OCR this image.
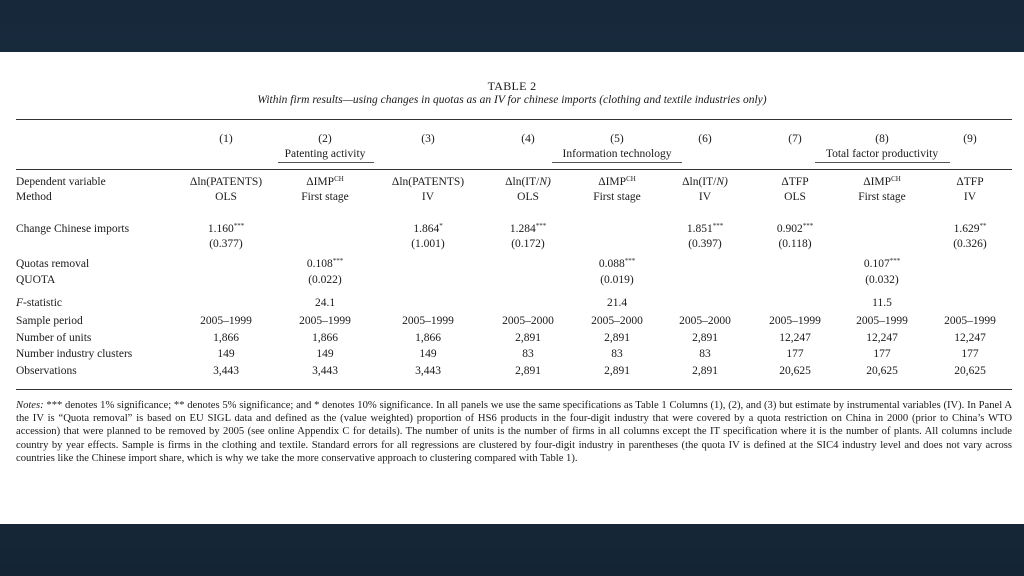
TABLE 2
Within firm results—using changes in quotas as an IV for chinese imports (clothing and textile industries only)
Dependent variable
Method
Change Chinese imports
Quotas removal
QUOTA
F-statistic
Sample period
Number of units
Number industry clusters
Observations
Patenting activity	Information technology	Total factor productivity
(1)
Δln(PATENTS)
OLS
1.160***
(0.377)
2005–1999
1,866
149
3,443
(2)
$\Delta IMP^{CH}$
First stage
0.108***
(0.022)
24.1
2005–1999
1,866
149
3,443
(3)
Δln(PATENTS)
IV
1.864*
(1.001)
2005–1999
1,866
149
3,443
(4)
Δln(IT/N)
OLS
1.284***
(0.172)
2005–2000
2,891
83
2,891
(5)
$\Delta IMP^{CH}$
First stage
0.088***
(0.019)
21.4
2005–2000
2,891
83
2,891
(6)
Δln(IT/N)
IV
1.851***
(0.397)
2005–2000
2,891
83
2,891
(7)
ΔTFP
OLS
0.902***
(0.118)
2005–1999
12,247
177
20,625
(8)
$\Delta IMP^{CH}$
First stage
0.107***
(0.032)
11.5
2005–1999
12,247
177
20,625
(9)
ΔTFP
IV
1.629**
(0.326)
2005–1999
12,247
177
20,625
Notes: *** denotes 1% significance; ** denotes 5% significance; and * denotes 10% significance. In all panels we use the same specifications as Table 1 Columns (1), (2), and (3) but estimate by instrumental variables (IV). In Panel A the IV is “Quota removal” is based on EU SIGL data and defined as the (value weighted) proportion of HS6 products in the four-digit industry that were covered by a quota restriction on China in 2000 (prior to China’s WTO accession) that were planned to be removed by 2005 (see online Appendix C for details). The number of units is the number of firms in all columns except the IT specification where it is the number of plants. All columns include country by year effects. Sample is firms in the clothing and textile. Standard errors for all regressions are clustered by four-digit industry in parentheses (the quota IV is defined at the SIC4 industry level and does not vary across countries like the Chinese import share, which is why we take the more conservative approach to clustering compared with Table 1).
